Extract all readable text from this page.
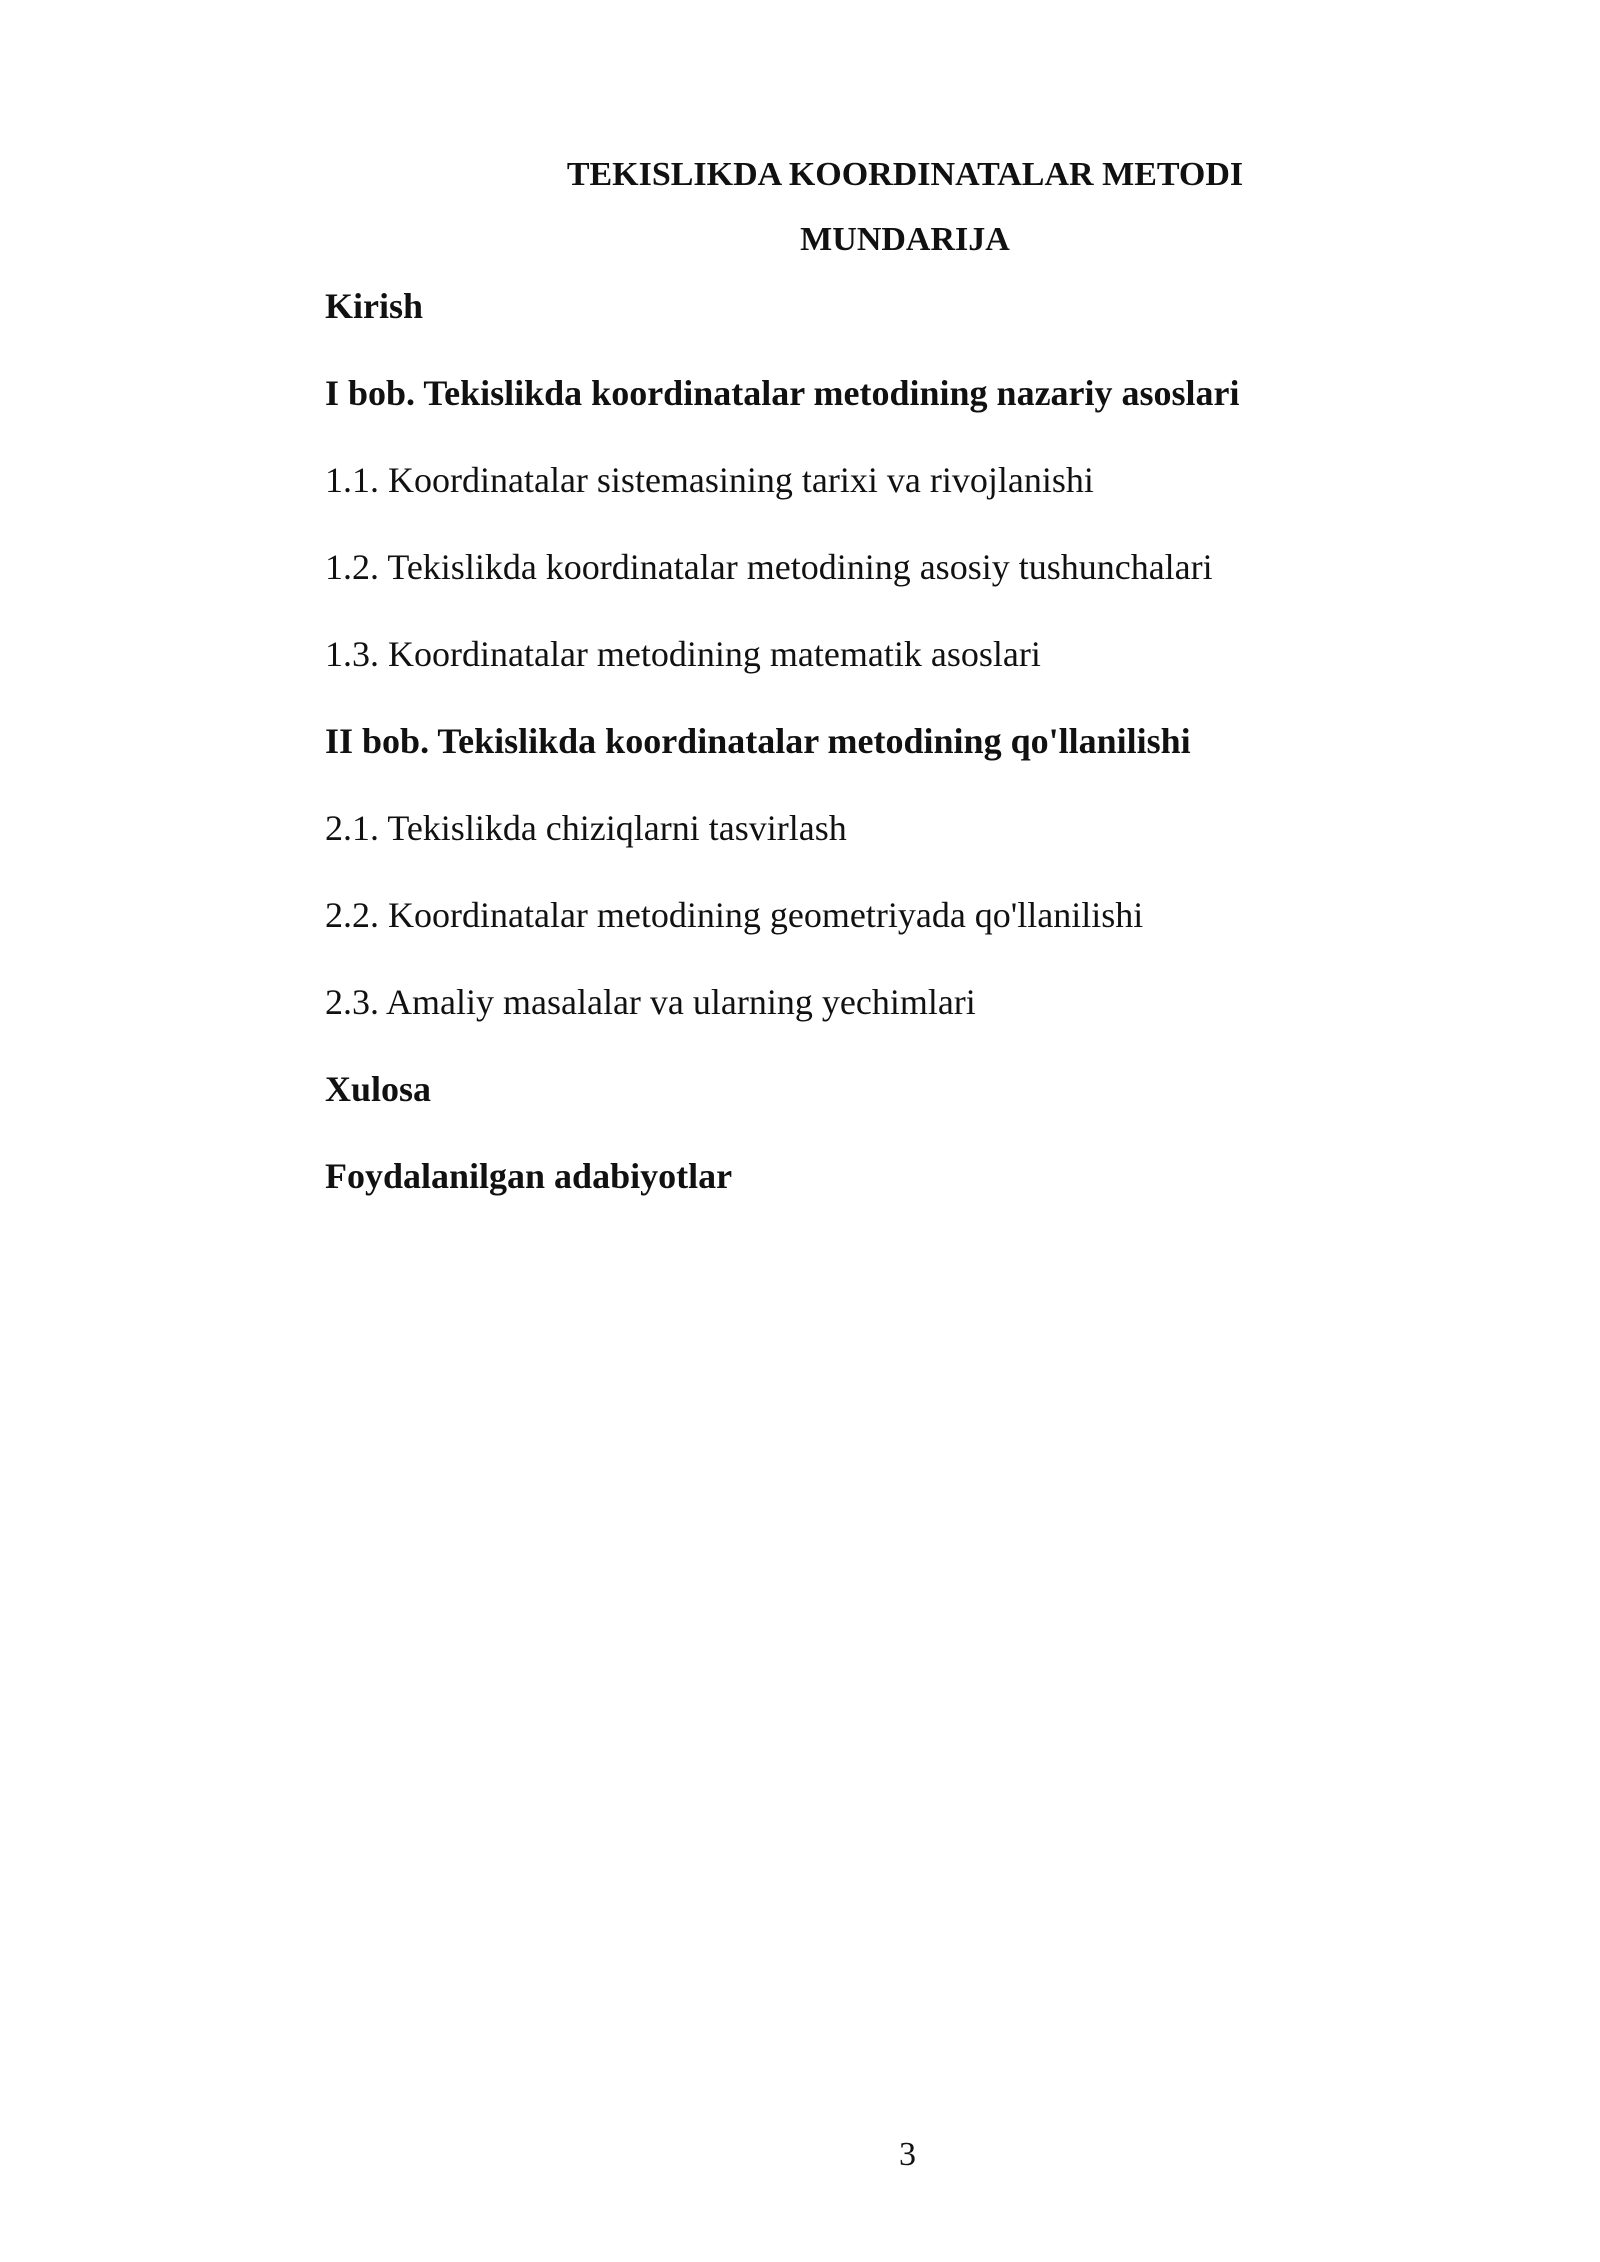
TEKISLIKDA KOORDINATALAR METODI
MUNDARIJA
Kirish
I bob. Tekislikda koordinatalar metodining nazariy asoslari
1.1. Koordinatalar sistemasining tarixi va rivojlanishi
1.2. Tekislikda koordinatalar metodining asosiy tushunchalari
1.3. Koordinatalar metodining matematik asoslari
II bob. Tekislikda koordinatalar metodining qo'llanilishi
2.1. Tekislikda chiziqlarni tasvirlash
2.2. Koordinatalar metodining geometriyada qo'llanilishi
2.3. Amaliy masalalar va ularning yechimlari
Xulosa
Foydalanilgan adabiyotlar
3
